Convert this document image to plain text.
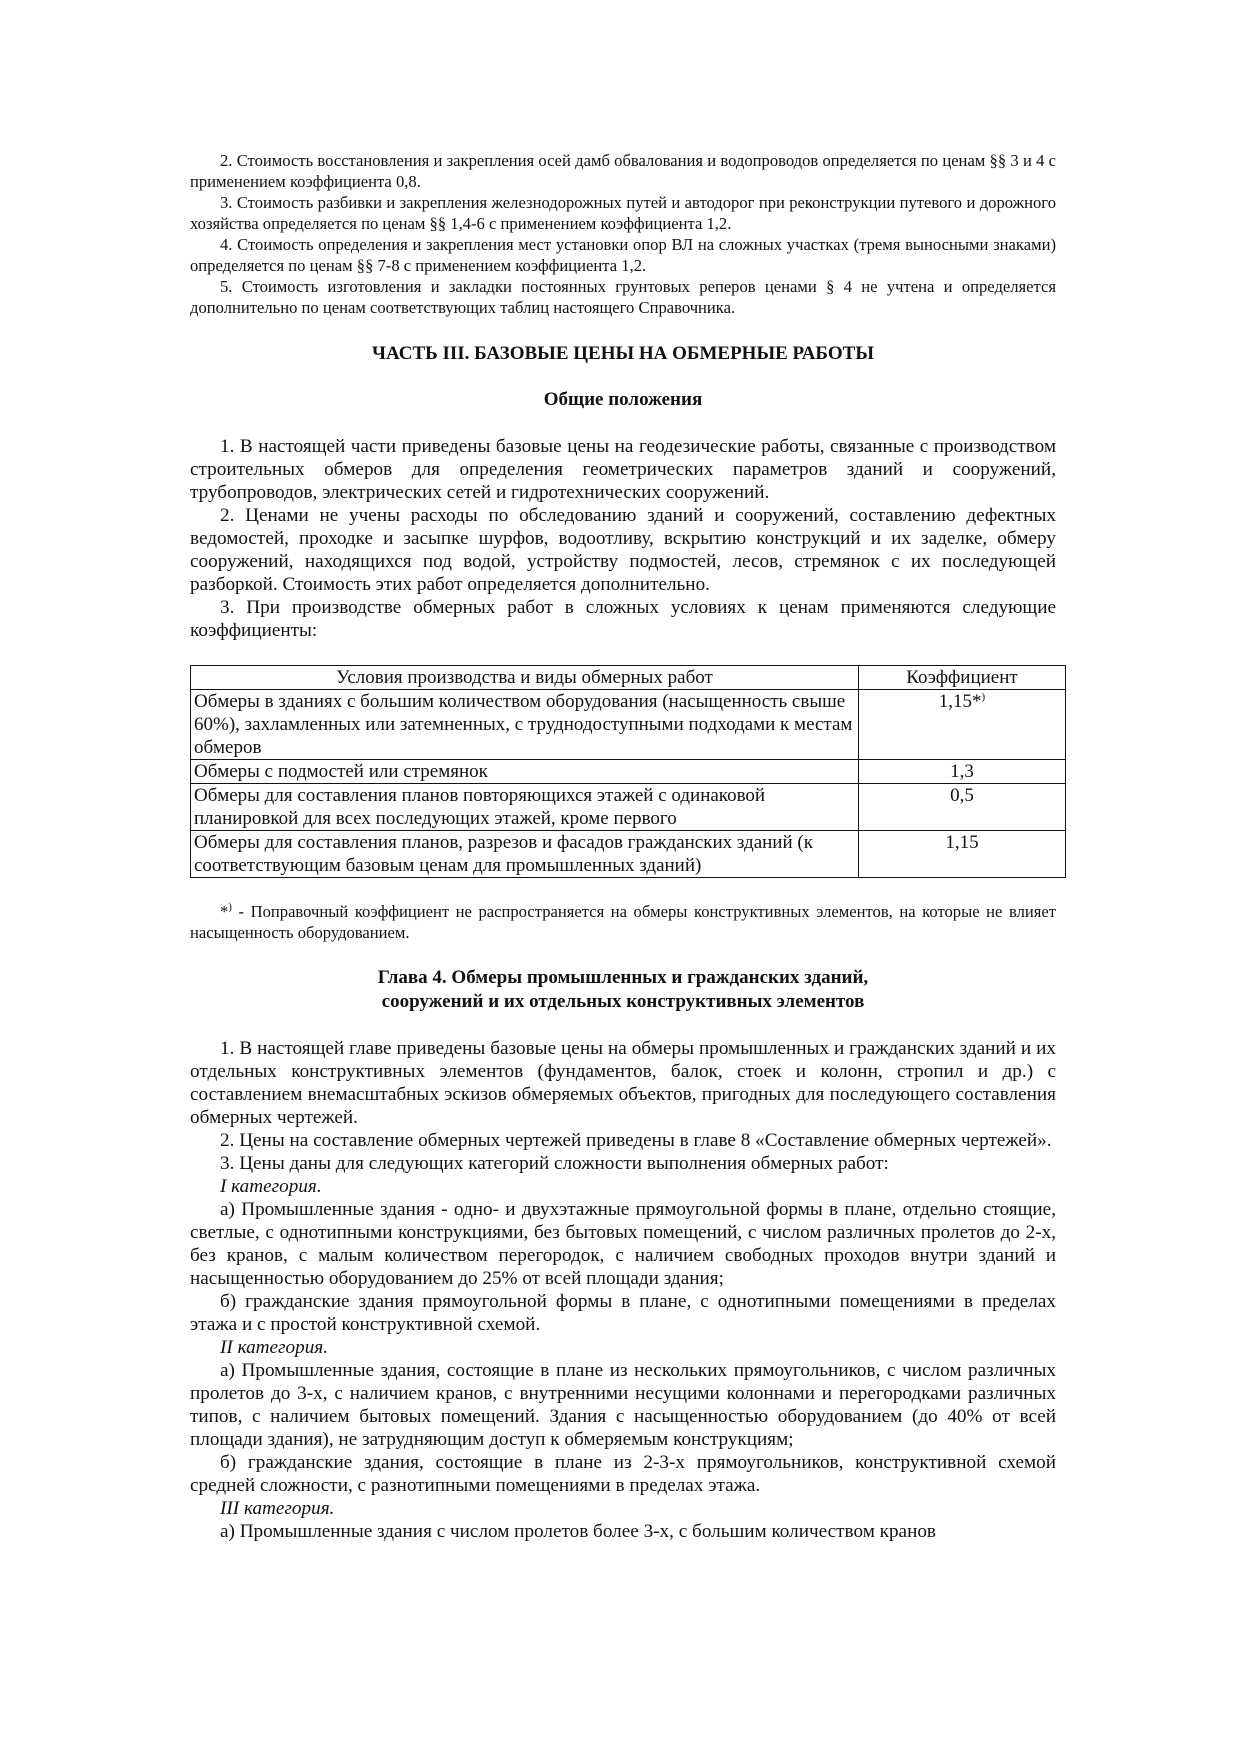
2. Стоимость восстановления и закрепления осей дамб обвалования и водопроводов определяется по ценам §§ 3 и 4 с применением коэффициента 0,8.

3. Стоимость разбивки и закрепления железнодорожных путей и автодорог при реконструкции путевого и дорожного хозяйства определяется по ценам §§ 1,4-6 с применением коэффициента 1,2.

4. Стоимость определения и закрепления мест установки опор ВЛ на сложных участках (тремя выносными знаками) определяется по ценам §§ 7-8 с применением коэффициента 1,2.

5. Стоимость изготовления и закладки постоянных грунтовых реперов ценами § 4 не учтена и определяется дополнительно по ценам соответствующих таблиц настоящего Справочника.

ЧАСТЬ III. БАЗОВЫЕ ЦЕНЫ НА ОБМЕРНЫЕ РАБОТЫ
Общие положения

1. В настоящей части приведены базовые цены на геодезические работы, связанные с производством строительных обмеров для определения геометрических параметров зданий и сооружений, трубопроводов, электрических сетей и гидротехнических сооружений.

2. Ценами не учены расходы по обследованию зданий и сооружений, составлению дефектных ведомостей, проходке и засыпке шурфов, водоотливу, вскрытию конструкций и их заделке, обмеру сооружений, находящихся под водой, устройству подмостей, лесов, стремянок с их последующей разборкой. Стоимость этих работ определяется дополнительно.

3. При производстве обмерных работ в сложных условиях к ценам применяются следующие коэффициенты:

Условия производства и виды обмерных работ	Коэффициент
Обмеры в зданиях с большим количеством оборудования (насыщенность свыше 60%), захламленных или затемненных, с труднодоступными подходами к местам обмеров	1,15*)
Обмеры с подмостей или стремянок	1,3
Обмеры для составления планов повторяющихся этажей с одинаковой планировкой для всех последующих этажей, кроме первого	0,5
Обмеры для составления планов, разрезов и фасадов гражданских зданий (к соответствующим базовым ценам для промышленных зданий)	1,15

*) - Поправочный коэффициент не распространяется на обмеры конструктивных элементов, на которые не влияет насыщенность оборудованием.

Глава 4. Обмеры промышленных и гражданских зданий,
сооружений и их отдельных конструктивных элементов

1. В настоящей главе приведены базовые цены на обмеры промышленных и гражданских зданий и их отдельных конструктивных элементов (фундаментов, балок, стоек и колонн, стропил и др.) с составлением внемасштабных эскизов обмеряемых объектов, пригодных для последующего составления обмерных чертежей.

2. Цены на составление обмерных чертежей приведены в главе 8 «Составление обмерных чертежей».

3. Цены даны для следующих категорий сложности выполнения обмерных работ:

I категория.

а) Промышленные здания - одно- и двухэтажные прямоугольной формы в плане, отдельно стоящие, светлые, с однотипными конструкциями, без бытовых помещений, с числом различных пролетов до 2-х, без кранов, с малым количеством перегородок, с наличием свободных проходов внутри зданий и насыщенностью оборудованием до 25% от всей площади здания;

б) гражданские здания прямоугольной формы в плане, с однотипными помещениями в пределах этажа и с простой конструктивной схемой.

II категория.

а) Промышленные здания, состоящие в плане из нескольких прямоугольников, с числом различных пролетов до 3-х, с наличием кранов, с внутренними несущими колоннами и перегородками различных типов, с наличием бытовых помещений. Здания с насыщенностью оборудованием (до 40% от всей площади здания), не затрудняющим доступ к обмеряемым конструкциям;

б) гражданские здания, состоящие в плане из 2-3-х прямоугольников, конструктивной схемой средней сложности, с разнотипными помещениями в пределах этажа.

III категория.

а) Промышленные здания с числом пролетов более 3-х, с большим количеством кранов
